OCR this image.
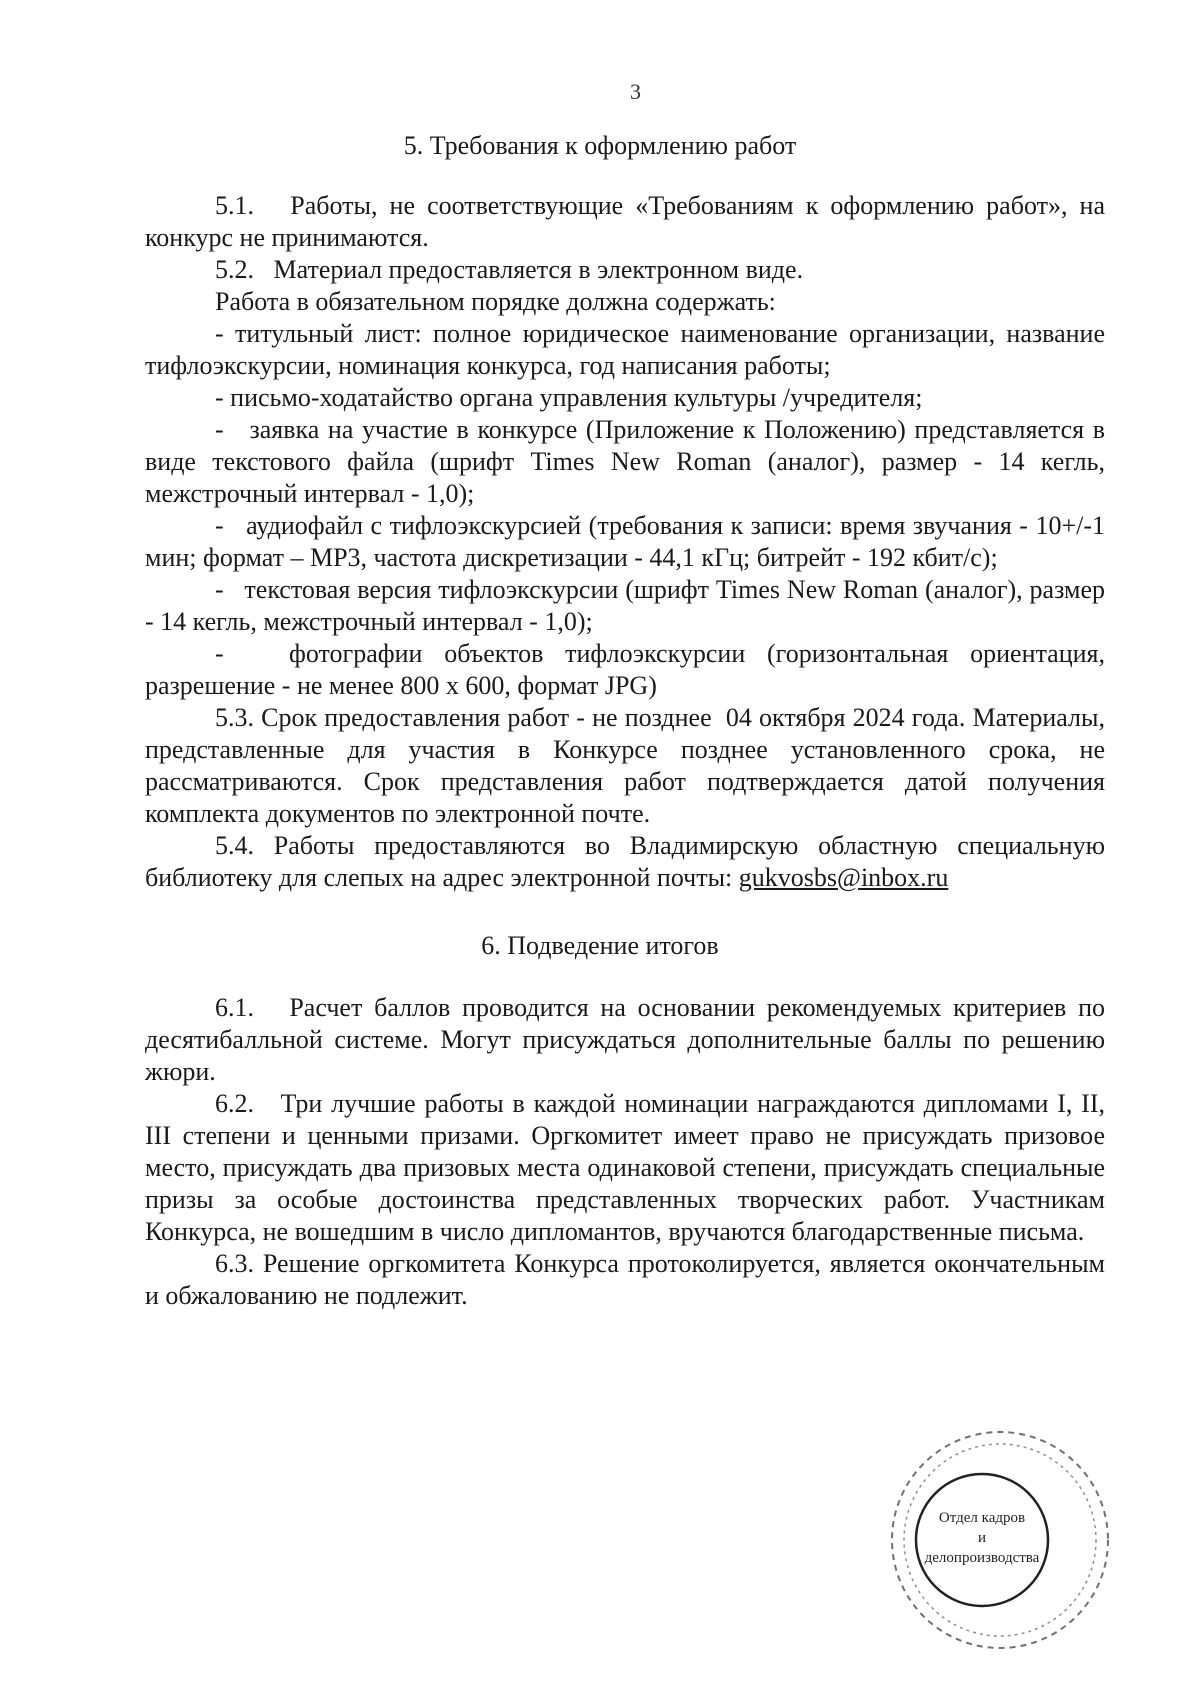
3
5. Требования к оформлению работ

5.1.   Работы, не соответствующие «Требованиям к оформлению работ», на конкурс не принимаются.

5.2.   Материал предоставляется в электронном виде.

Работа в обязательном порядке должна содержать:

- титульный лист: полное юридическое наименование организации, название тифлоэкскурсии, номинация конкурса, год написания работы;

- письмо-ходатайство органа управления культуры /учредителя;

-   заявка на участие в конкурсе (Приложение к Положению) представляется в виде текстового файла (шрифт Times New Roman (аналог), размер - 14 кегль, межстрочный интервал - 1,0);

-   аудиофайл с тифлоэкскурсией (требования к записи: время звучания - 10+/-1 мин; формат – MP3, частота дискретизации - 44,1 кГц; битрейт - 192 кбит/с);

-   текстовая версия тифлоэкскурсии (шрифт Times New Roman (аналог), размер - 14 кегль, межстрочный интервал - 1,0);

-   фотографии объектов тифлоэкскурсии (горизонтальная ориентация, разрешение - не менее 800 х 600, формат JPG)

5.3. Срок предоставления работ - не позднее  04 октября 2024 года. Материалы, представленные для участия в Конкурсе позднее установленного срока, не рассматриваются. Срок представления работ подтверждается датой получения комплекта документов по электронной почте.

5.4. Работы предоставляются во Владимирскую областную специальную библиотеку для слепых на адрес электронной почты: gukvosbs@inbox.ru

6. Подведение итогов

6.1.   Расчет баллов проводится на основании рекомендуемых критериев по десятибалльной системе. Могут присуждаться дополнительные баллы по решению жюри.

6.2.   Три лучшие работы в каждой номинации награждаются дипломами I, II, III степени и ценными призами. Оргкомитет имеет право не присуждать призовое место, присуждать два призовых места одинаковой степени, присуждать специальные призы за особые достоинства представленных творческих работ. Участникам Конкурса, не вошедшим в число дипломантов, вручаются благодарственные письма.

6.3. Решение оргкомитета Конкурса протоколируется, является окончательным и обжалованию не подлежит.

Отдел кадров
и
делопроизводства
